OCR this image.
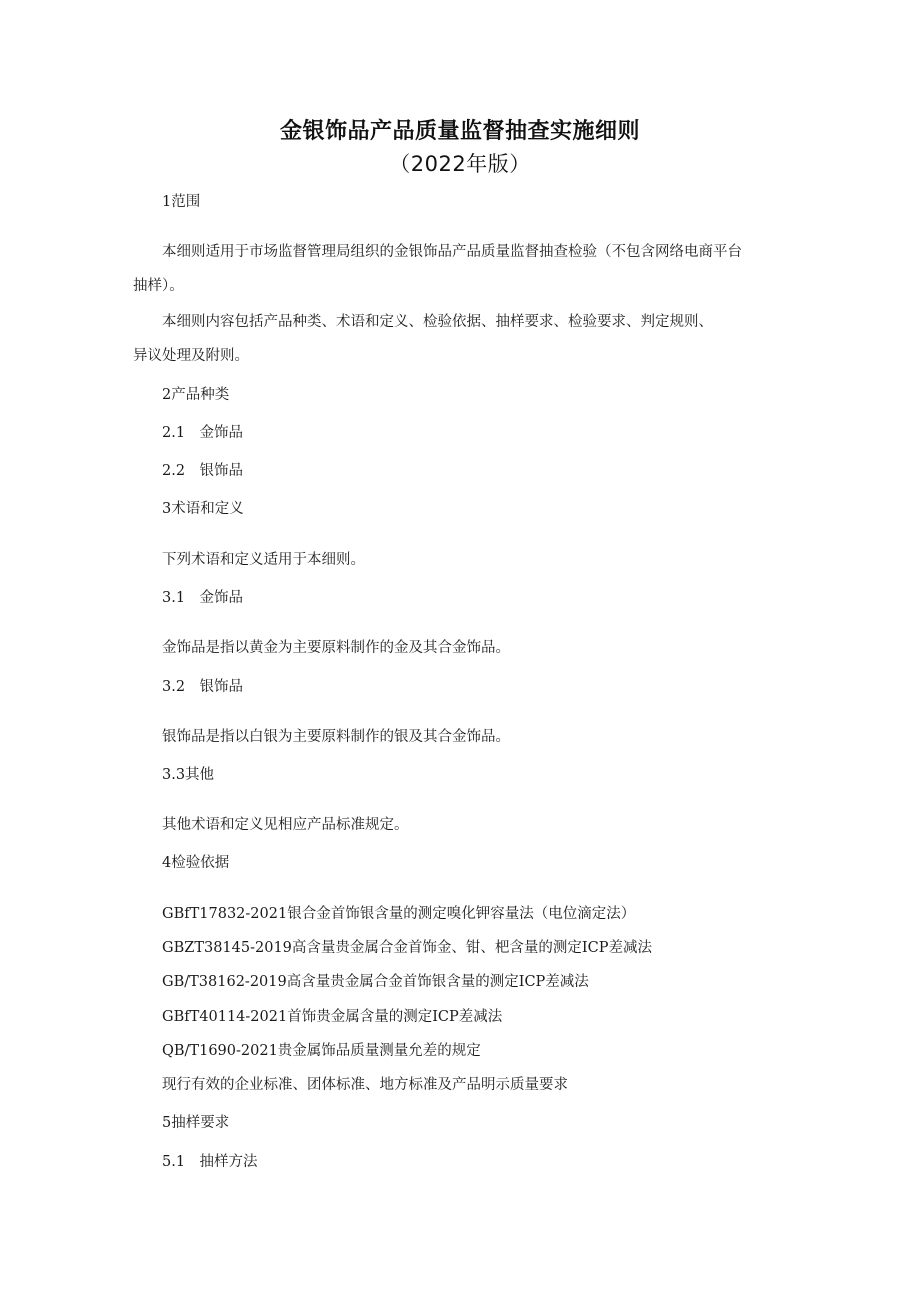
金银饰品产品质量监督抽查实施细则
（2022年版）
1范围
本细则适用于市场监督管理局组织的金银饰品产品质量监督抽查检验（不包含网络电商平台
抽样）。
本细则内容包括产品种类、术语和定义、检验依据、抽样要求、检验要求、判定规则、
异议处理及附则。
2产品种类
2.1　金饰品
2.2　银饰品
3术语和定义
下列术语和定义适用于本细则。
3.1　金饰品
金饰品是指以黄金为主要原料制作的金及其合金饰品。
3.2　银饰品
银饰品是指以白银为主要原料制作的银及其合金饰品。
3.3其他
其他术语和定义见相应产品标准规定。
4检验依据
GBfT17832-2021银合金首饰银含量的测定嗅化钾容量法（电位滴定法）
GBZT38145-2019高含量贵金属合金首饰金、钳、杷含量的测定ICP差减法
GB/T38162-2019高含量贵金属合金首饰银含量的测定ICP差减法
GBfT40114-2021首饰贵金属含量的测定ICP差减法
QB/T1690-2021贵金属饰品质量测量允差的规定
现行有效的企业标准、团体标准、地方标准及产品明示质量要求
5抽样要求
5.1　抽样方法
